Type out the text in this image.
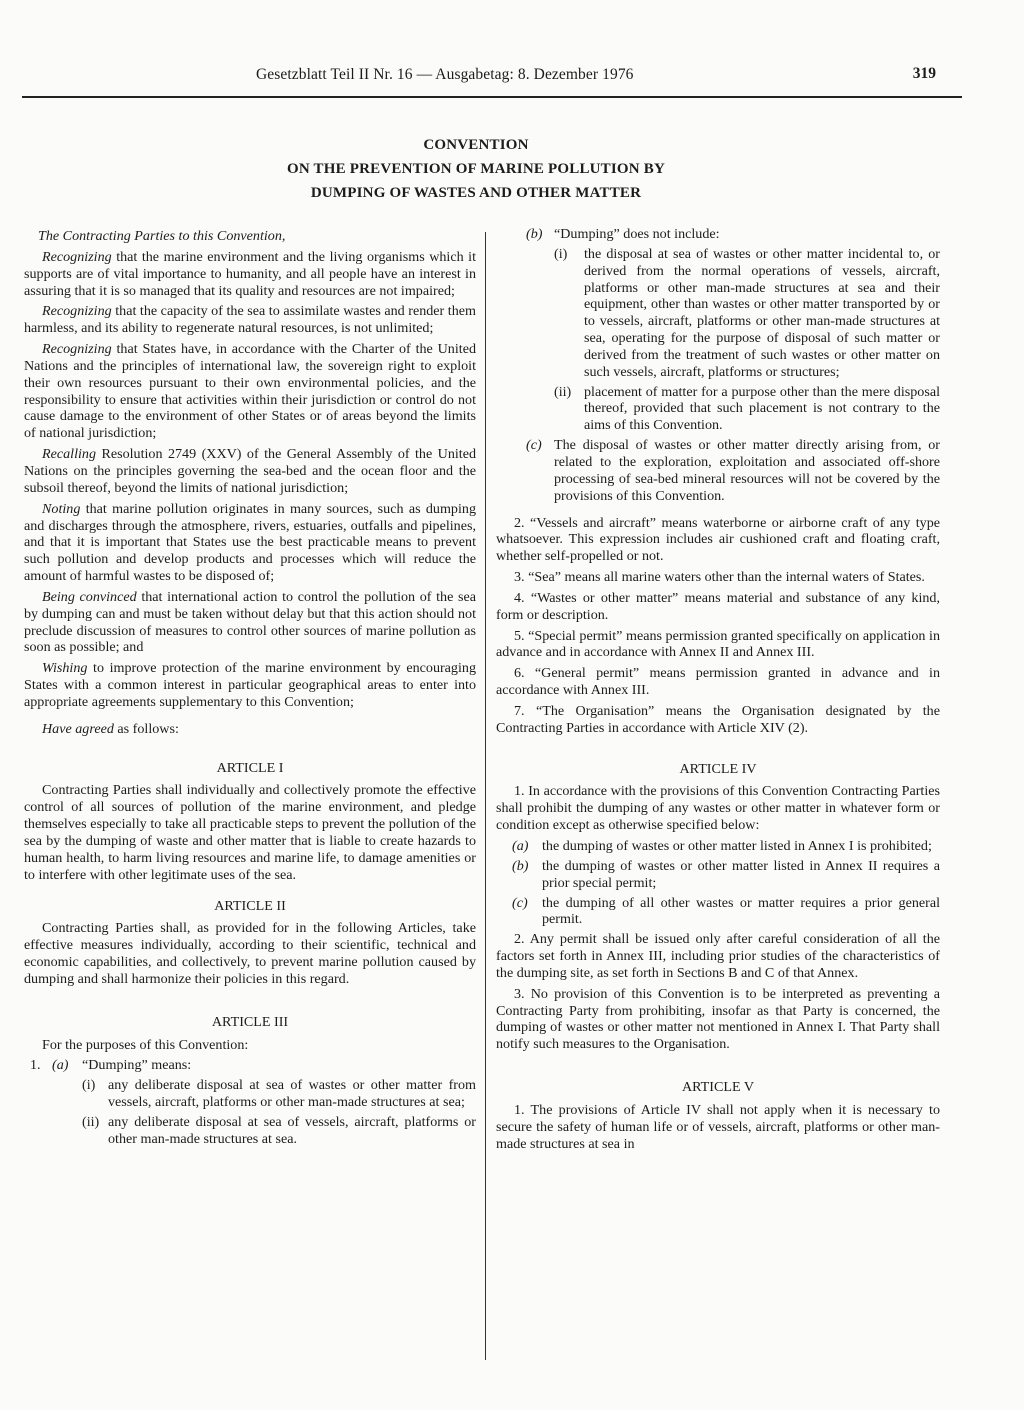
Gesetzblatt Teil II Nr. 16 — Ausgabetag: 8. Dezember 1976	319
CONVENTION
ON THE PREVENTION OF MARINE POLLUTION BY
DUMPING OF WASTES AND OTHER MATTER

The Contracting Parties to this Convention,

Recognizing that the marine environment and the living organisms which it supports are of vital importance to humanity, and all people have an interest in assuring that it is so managed that its quality and resources are not impaired;

Recognizing that the capacity of the sea to assimilate wastes and render them harmless, and its ability to regenerate natural resources, is not unlimited;

Recognizing that States have, in accordance with the Charter of the United Nations and the principles of international law, the sovereign right to exploit their own resources pursuant to their own environmental policies, and the responsibility to ensure that activities within their jurisdiction or control do not cause damage to the environment of other States or of areas beyond the limits of national jurisdiction;

Recalling Resolution 2749 (XXV) of the General Assembly of the United Nations on the principles governing the sea-bed and the ocean floor and the subsoil thereof, beyond the limits of national jurisdiction;

Noting that marine pollution originates in many sources, such as dumping and discharges through the atmosphere, rivers, estuaries, outfalls and pipelines, and that it is important that States use the best practicable means to prevent such pollution and develop products and processes which will reduce the amount of harmful wastes to be disposed of;

Being convinced that international action to control the pollution of the sea by dumping can and must be taken without delay but that this action should not preclude discussion of measures to control other sources of marine pollution as soon as possible; and

Wishing to improve protection of the marine environment by encouraging States with a common interest in particular geographical areas to enter into appropriate agreements supplementary to this Convention;

Have agreed as follows:

ARTICLE I

Contracting Parties shall individually and collectively promote the effective control of all sources of pollution of the marine environment, and pledge themselves especially to take all practicable steps to prevent the pollution of the sea by the dumping of waste and other matter that is liable to create hazards to human health, to harm living resources and marine life, to damage amenities or to interfere with other legitimate uses of the sea.

ARTICLE II

Contracting Parties shall, as provided for in the following Articles, take effective measures individually, according to their scientific, technical and economic capabilities, and collectively, to prevent marine pollution caused by dumping and shall harmonize their policies in this regard.

ARTICLE III

For the purposes of this Convention:

1. (a) “Dumping” means:
(i) any deliberate disposal at sea of wastes or other matter from vessels, aircraft, platforms or other man-made structures at sea;
(ii) any deliberate disposal at sea of vessels, aircraft, platforms or other man-made structures at sea.
(b) “Dumping” does not include:
(i)	the disposal at sea of wastes or other matter incidental to, or derived from the normal operations of vessels, aircraft, platforms or other man-made structures at sea and their equipment, other than wastes or other matter transported by or to vessels, aircraft, platforms or other man-made structures at sea, operating for the purpose of disposal of such matter or derived from the treatment of such wastes or other matter on such vessels, aircraft, platforms or structures;
(ii) placement of matter for a purpose other than the mere disposal thereof, provided that such placement is not contrary to the aims of this Convention.
(c) The disposal of wastes or other matter directly arising from, or related to the exploration, exploitation and associated off-shore processing of sea-bed mineral resources will not be covered by the provisions of this Convention.

2. “Vessels and aircraft” means waterborne or airborne craft of any type whatsoever. This expression includes air cushioned craft and floating craft, whether self-propelled or not.

3. “Sea” means all marine waters other than the internal waters of States.

4. “Wastes or other matter” means material and substance of any kind, form or description.

5. “Special permit” means permission granted specifically on application in advance and in accordance with Annex II and Annex III.

6. “General permit” means permission granted in advance and in accordance with Annex III.

7. “The Organisation” means the Organisation designated by the Contracting Parties in accordance with Article XIV (2).

ARTICLE IV

1. In accordance with the provisions of this Convention Contracting Parties shall prohibit the dumping of any wastes or other matter in whatever form or condition except as otherwise specified below:

(a) the dumping of wastes or other matter listed in Annex I is prohibited;
(b) the dumping of wastes or other matter listed in Annex II requires a prior special permit;
(c)	the dumping of all other wastes or matter requires a prior general permit.

2. Any permit shall be issued only after careful consideration of all the factors set forth in Annex III, including prior studies of the characteristics of the dumping site, as set forth in Sections B and C of that Annex.

3. No provision of this Convention is to be interpreted as preventing a Contracting Party from prohibiting, insofar as that Party is concerned, the dumping of wastes or other matter not mentioned in Annex I. That Party shall notify such measures to the Organisation.

ARTICLE V

1. The provisions of Article IV shall not apply when it is necessary to secure the safety of human life or of vessels, aircraft, platforms or other man-made structures at sea in
